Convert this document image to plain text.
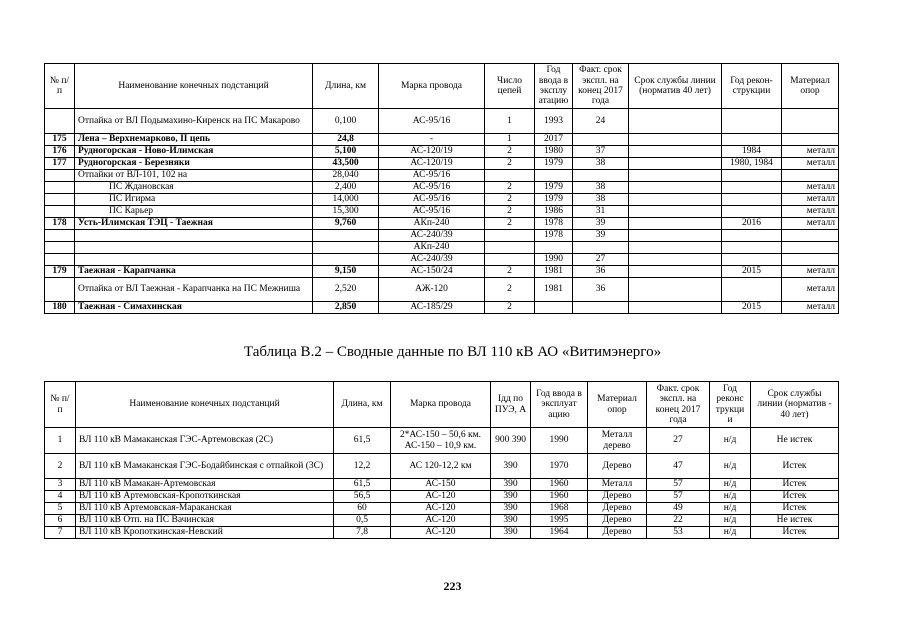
№ п/п	Наименование конечных подстанций	Длина, км	Марка провода	Число цепей	Год ввода в эксплу атацию	Факт. срок экспл. на конец 2017 года	Срок службы линии (норматив 40 лет)	Год рекон- струкции	Материал опор
	Отпайка от ВЛ Подымахино-Киренск на ПС Макарово	0,100	АС-95/16	1	1993	24			
175	Лена – Верхнемарково, II цепь	24,8	-	1	2017				
176	Рудногорская - Ново-Илимская	5,100	АС-120/19	2	1980	37		1984	металл
177	Рудногорская - Березняки	43,500	АС-120/19	2	1979	38		1980, 1984	металл
	Отпайки от ВЛ-101, 102 на	28,040	АС-95/16						
	ПС Ждановская	2,400	АС-95/16	2	1979	38			металл
	ПС Игирма	14,000	АС-95/16	2	1979	38			металл
	ПС Карьер	15,300	АС-95/16	2	1986	31			металл
178	Усть-Илимская ТЭЦ - Таежная	9,760	АКп-240	2	1978	39		2016	металл
			АС-240/39		1978	39			
			АКп-240						
			АС-240/39		1990	27			
179	Таежная - Карапчанка	9,150	АС-150/24	2	1981	36		2015	металл
	Отпайка от ВЛ Таежная - Карапчанка на ПС Межниша	2,520	АЖ-120	2	1981	36			металл
180	Таежная - Симахинская	2,850	АС-185/29	2				2015	металл
Таблица В.2 – Сводные данные по ВЛ 110 кВ АО «Витимэнерго»
№ п/п	Наименование конечных подстанций	Длина, км	Марка провода	Iдд по ПУЭ, А	Год ввода в эксплуат ацию	Материал опор	Факт. срок экспл. на конец 2017 года	Год реконс трукци и	Срок службы линии (норматив - 40 лет)
1	ВЛ 110 кВ Мамаканская ГЭС-Артемовская (2С)	61,5	2*АС-150 – 50,6 км. АС-150 – 10,9 км.	900 390	1990	Металл дерево	27	н/д	Не истек
2	ВЛ 110 кВ Мамаканская ГЭС-Бодайбинская с отпайкой (3С)	12,2	АС 120-12,2 км	390	1970	Дерево	47	н/д	Истек
3	ВЛ 110 кВ Мамакан-Артемовская	61,5	АС-150	390	1960	Металл	57	н/д	Истек
4	ВЛ 110 кВ Артемовская-Кропоткинская	56,5	АС-120	390	1960	Дерево	57	н/д	Истек
5	ВЛ 110 кВ Артемовская-Мараканская	60	АС-120	390	1968	Дерево	49	н/д	Истек
6	ВЛ 110 кВ Отп. на ПС Вачинская	0,5	АС-120	390	1995	Дерево	22	н/д	Не истек
7	ВЛ 110 кВ Кропоткинская-Невский	7,8	АС-120	390	1964	Дерево	53	н/д	Истек
223
